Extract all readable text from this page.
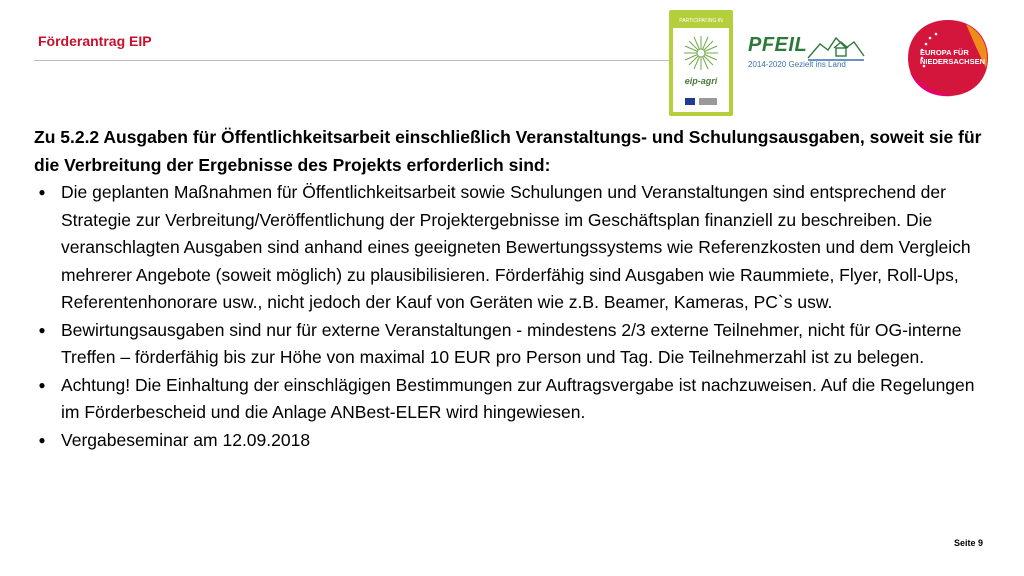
Förderantrag EIP
PARTICIPATING IN
eip-agri
PFEIL
2014-2020 Gezielt ins Land
EUROPA FÜR
NIEDERSACHSEN
Zu 5.2.2 Ausgaben für Öffentlichkeitsarbeit einschließlich Veranstaltungs- und Schulungsausgaben, soweit sie für die Verbreitung der Ergebnisse des Projekts erforderlich sind:
● Die geplanten Maßnahmen für Öffentlichkeitsarbeit sowie Schulungen und Veranstaltungen sind entsprechend der Strategie zur Verbreitung/Veröffentlichung der Projektergebnisse im Geschäftsplan finanziell zu beschreiben. Die veranschlagten Ausgaben sind anhand eines geeigneten Bewertungssystems wie Referenzkosten und dem Vergleich mehrerer Angebote (soweit möglich) zu plausibilisieren. Förderfähig sind Ausgaben wie Raummiete, Flyer, Roll-Ups, Referentenhonorare usw., nicht jedoch der Kauf von Geräten wie z.B. Beamer, Kameras, PC`s usw.
● Bewirtungsausgaben sind nur für externe Veranstaltungen - mindestens 2/3 externe Teilnehmer, nicht für OG-interne Treffen – förderfähig bis zur Höhe von maximal 10 EUR pro Person und Tag. Die Teilnehmerzahl ist zu belegen.
● Achtung! Die Einhaltung der einschlägigen Bestimmungen zur Auftragsvergabe ist nachzuweisen. Auf die Regelungen im Förderbescheid und die Anlage ANBest-ELER wird hingewiesen.
● Vergabeseminar am 12.09.2018
Seite 9
